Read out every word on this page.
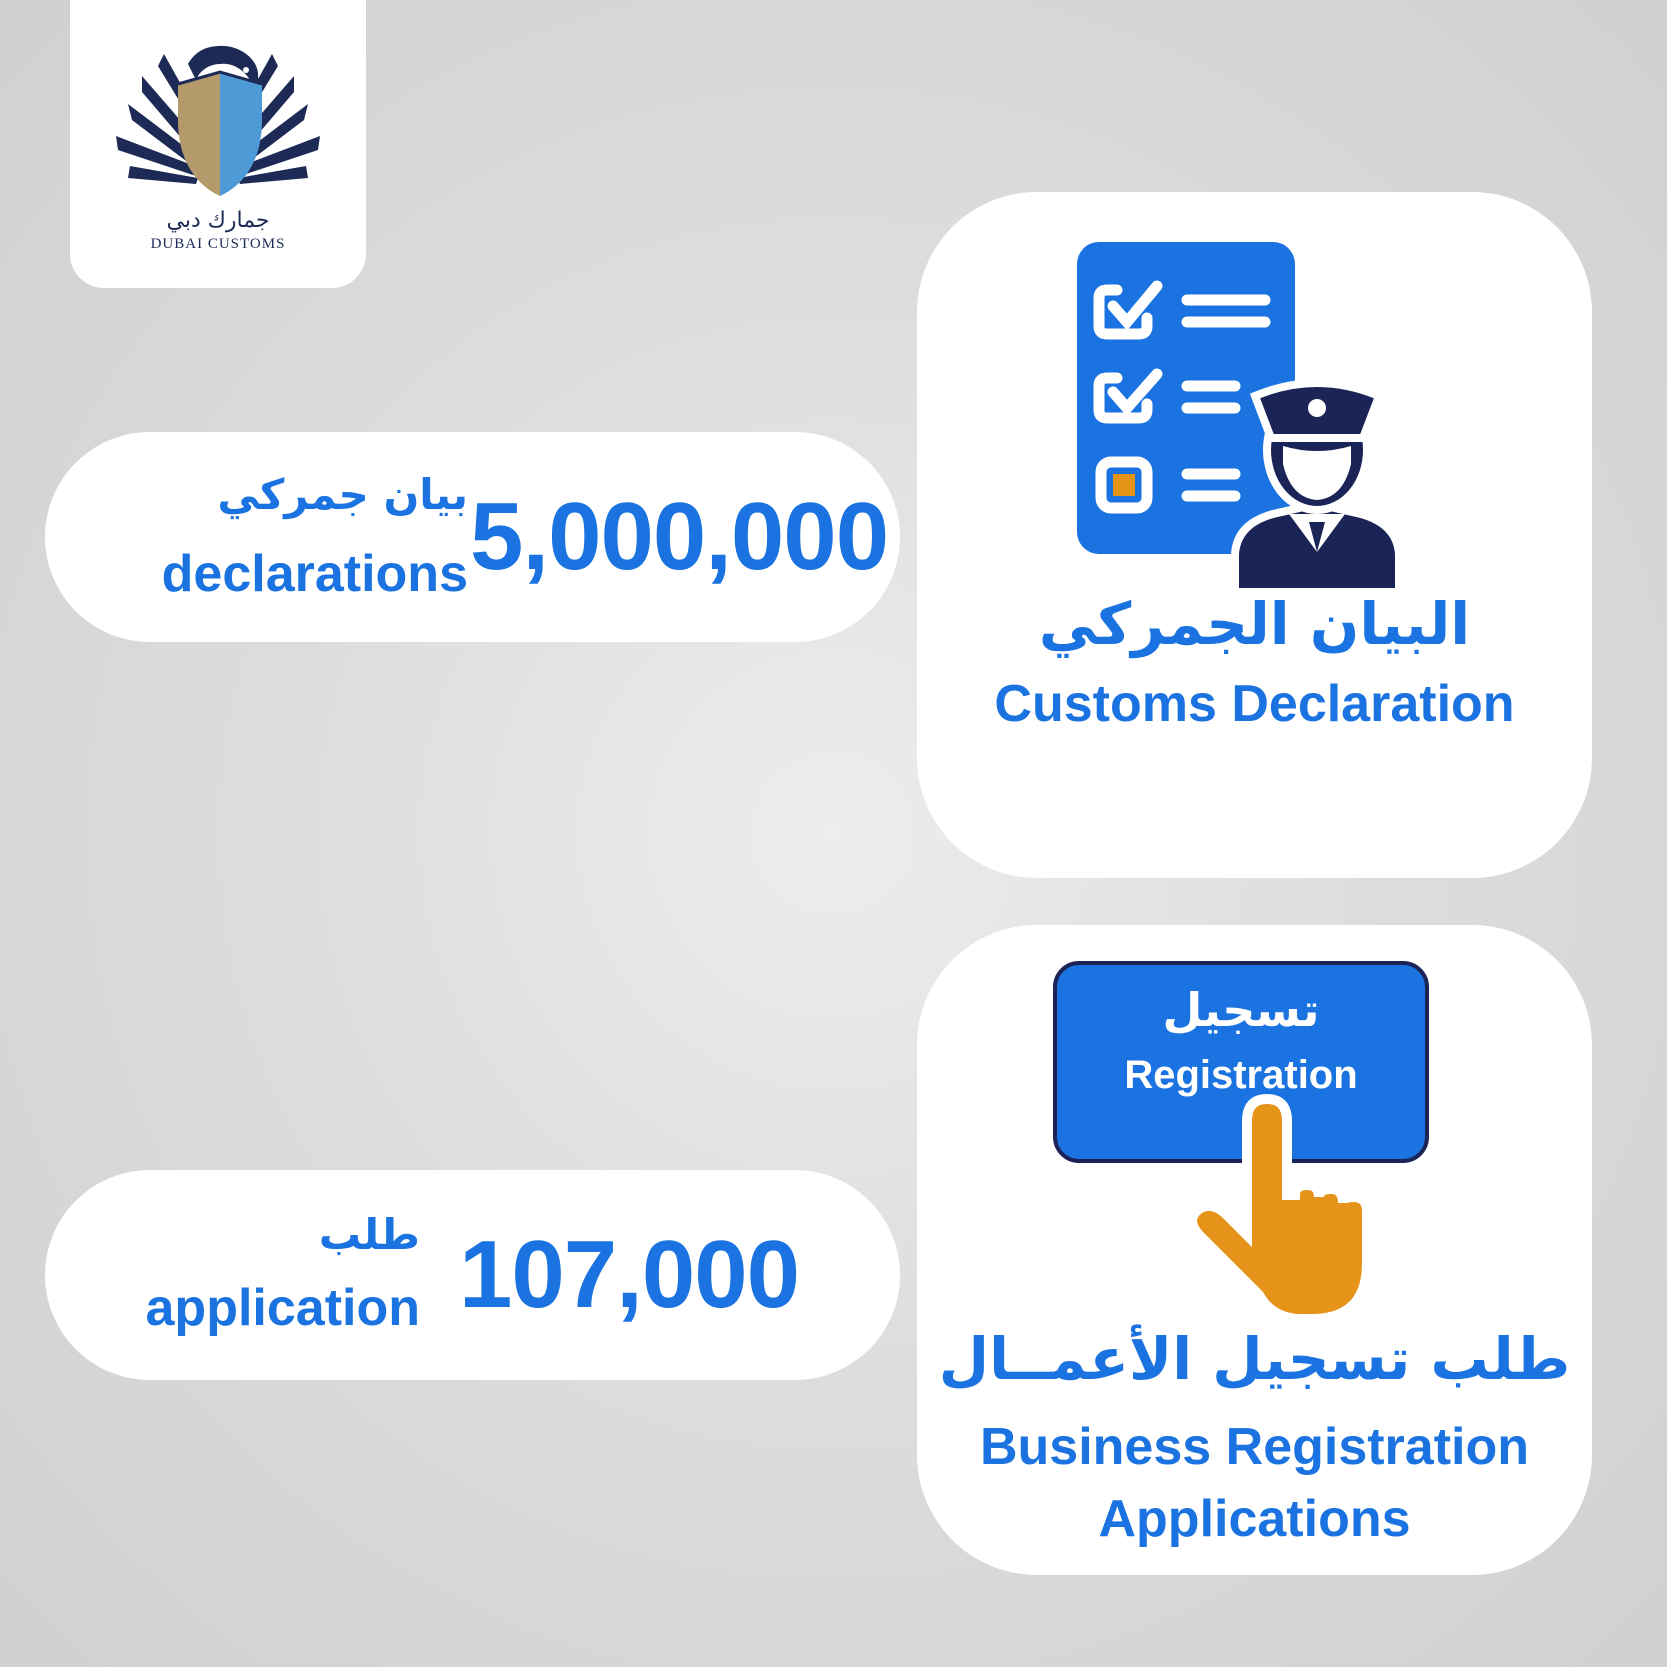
جمارك دبي
DUBAI CUSTOMS
5,000,000
بيان جمركي
declarations
107,000
طلب
application
البيان الجمركي
Customs Declaration
تسجيل
Registration
طلب تسجيل الأعمــال
Business Registration
Applications
